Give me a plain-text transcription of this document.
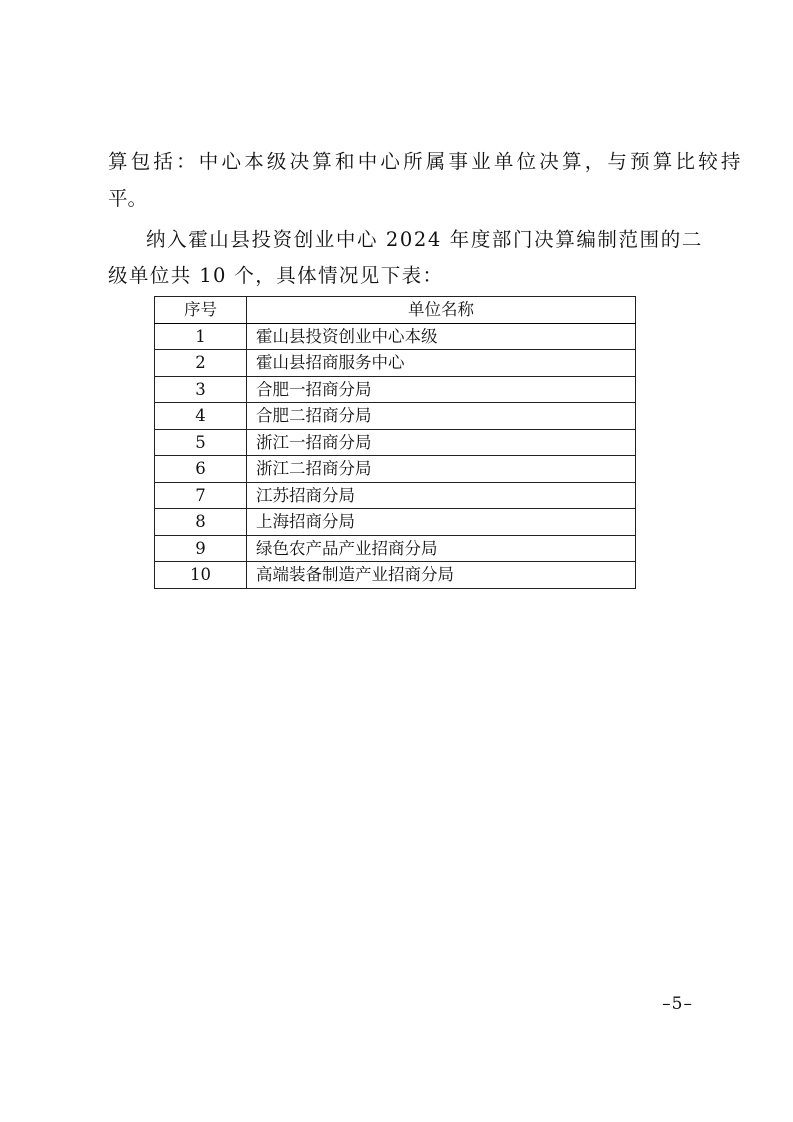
算包括：中心本级决算和中心所属事业单位决算，与预算比较持
平。
纳入霍山县投资创业中心 2024 年度部门决算编制范围的二
级单位共 10 个，具体情况见下表：
序号	单位名称
1	霍山县投资创业中心本级
2	霍山县招商服务中心
3	合肥一招商分局
4	合肥二招商分局
5	浙江一招商分局
6	浙江二招商分局
7	江苏招商分局
8	上海招商分局
9	绿色农产品产业招商分局
10	高端装备制造产业招商分局
–5–
